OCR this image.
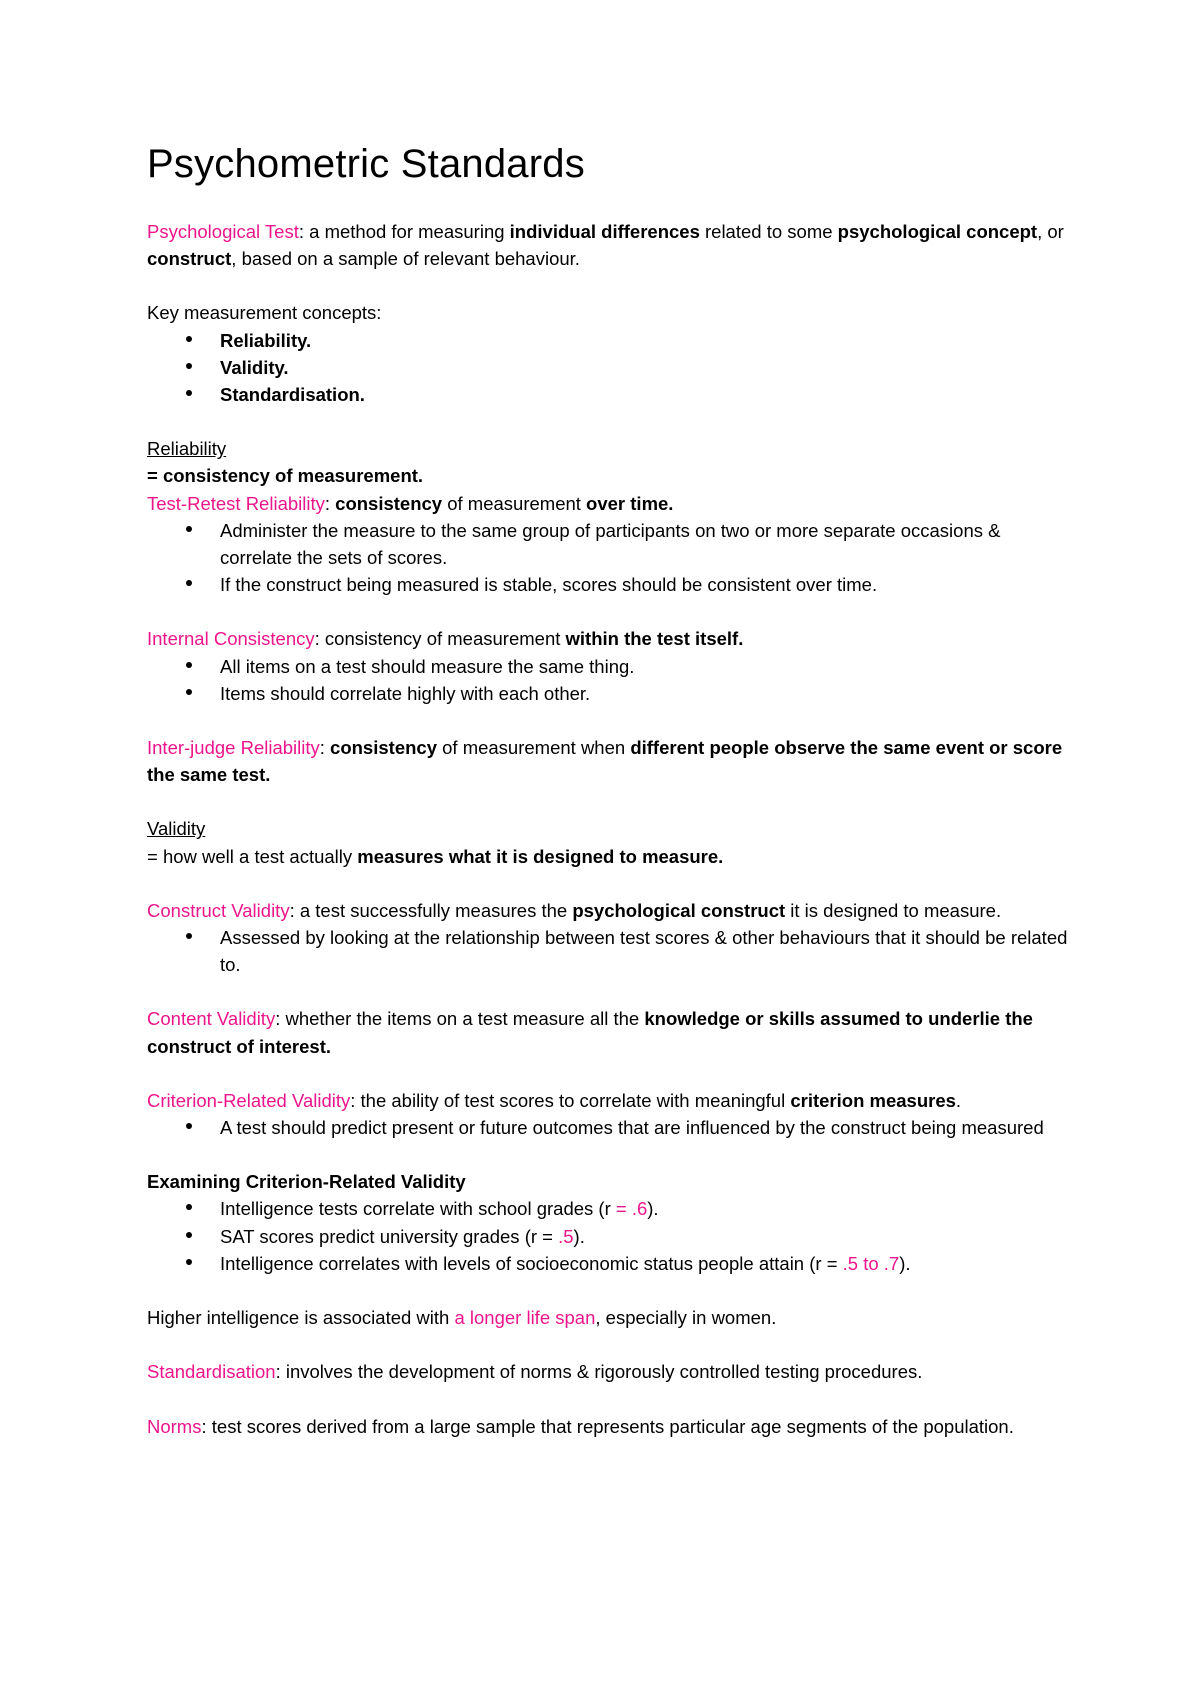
Psychometric Standards

Psychological Test: a method for measuring individual differences related to some psychological concept, or construct, based on a sample of relevant behaviour.

Key measurement concepts:

Reliability.
Validity.
Standardisation.

Reliability

= consistency of measurement.

Test-Retest Reliability: consistency of measurement over time.

Administer the measure to the same group of participants on two or more separate occasions & correlate the sets of scores.
If the construct being measured is stable, scores should be consistent over time.

Internal Consistency: consistency of measurement within the test itself.

All items on a test should measure the same thing.
Items should correlate highly with each other.

Inter-judge Reliability: consistency of measurement when different people observe the same event or score the same test.

Validity

= how well a test actually measures what it is designed to measure.

Construct Validity: a test successfully measures the psychological construct it is designed to measure.

Assessed by looking at the relationship between test scores & other behaviours that it should be related to.

Content Validity: whether the items on a test measure all the knowledge or skills assumed to underlie the construct of interest.

Criterion-Related Validity: the ability of test scores to correlate with meaningful criterion measures.

A test should predict present or future outcomes that are influenced by the construct being measured

Examining Criterion-Related Validity

Intelligence tests correlate with school grades (r = .6).
SAT scores predict university grades (r = .5).
Intelligence correlates with levels of socioeconomic status people attain (r = .5 to .7).

Higher intelligence is associated with a longer life span, especially in women.

Standardisation: involves the development of norms & rigorously controlled testing procedures.

Norms: test scores derived from a large sample that represents particular age segments of the population.
